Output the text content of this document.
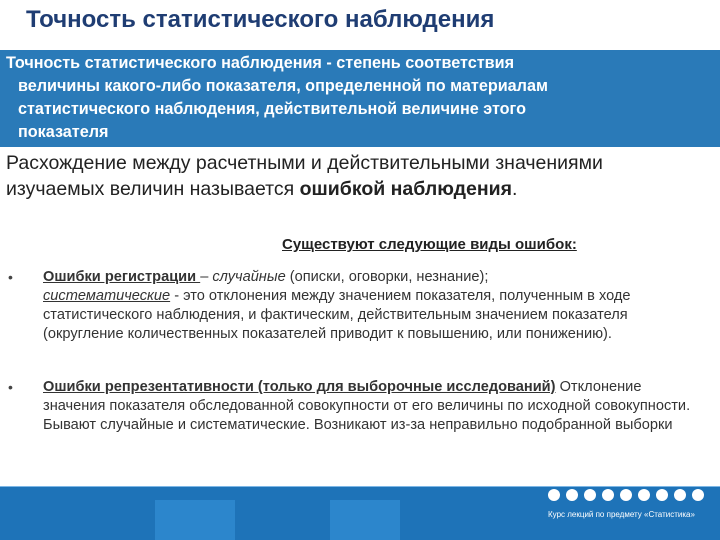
Точность статистического наблюдения
Точность статистического наблюдения - степень соответствия
величины какого-либо показателя, определенной по материалам
статистического наблюдения, действительной величине этого
показателя
Расхождение между расчетными и действительными значениями изучаемых величин называется ошибкой наблюдения.
Существуют следующие виды ошибок:
• Ошибки регистрации – случайные (описки, оговорки, незнание);
систематические - это отклонения между значением показателя, полученным в ходе статистического наблюдения, и фактическим, действительным значением показателя (округление количественных показателей приводит к повышению, или понижению).
• Ошибки репрезентативности (только для выборочные исследований) Отклонение значения показателя обследованной совокупности от его величины по исходной совокупности. Бывают случайные и систематические. Возникают из-за неправильно подобранной выборки
Курс лекций по предмету «Статистика»
